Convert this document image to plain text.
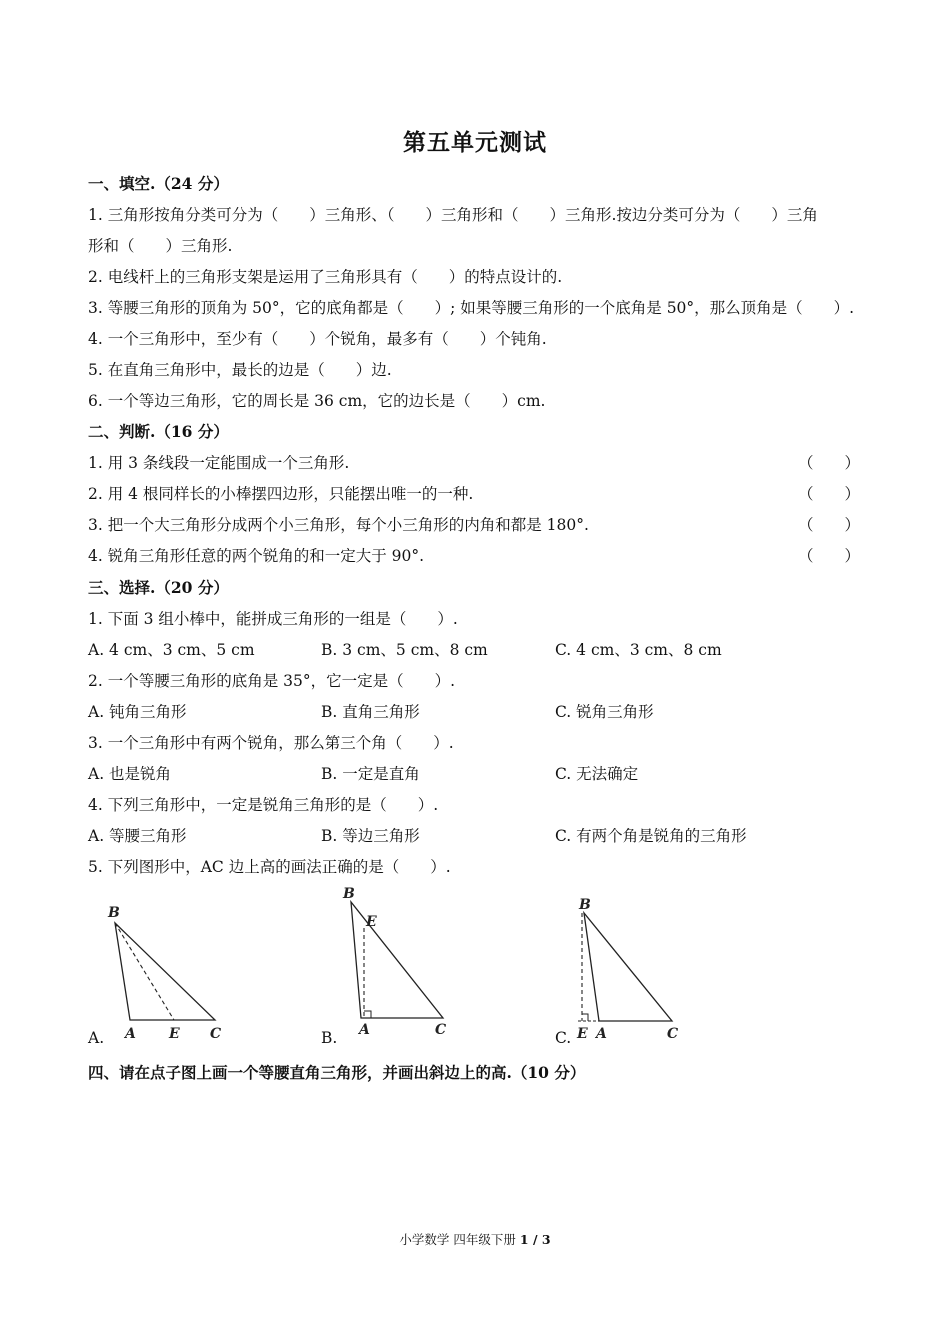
第五单元测试
一、填空.（24 分）
1. 三角形按角分类可分为（　　）三角形、（　　）三角形和（　　）三角形.按边分类可分为（　　）三角
形和（　　）三角形.
2. 电线杆上的三角形支架是运用了三角形具有（　　）的特点设计的.
3. 等腰三角形的顶角为 50°，它的底角都是（　　）; 如果等腰三角形的一个底角是 50°，那么顶角是（　　）.
4. 一个三角形中，至少有（　　）个锐角，最多有（　　）个钝角.
5. 在直角三角形中，最长的边是（　　）边.
6. 一个等边三角形，它的周长是 36 cm，它的边长是（　　）cm.
二、判断.（16 分）
1. 用 3 条线段一定能围成一个三角形.	（　　）
2. 用 4 根同样长的小棒摆四边形，只能摆出唯一的一种.	（　　）
3. 把一个大三角形分成两个小三角形，每个小三角形的内角和都是 180°.	（　　）
4. 锐角三角形任意的两个锐角的和一定大于 90°.	（　　）
三、选择.（20 分）
1. 下面 3 组小棒中，能拼成三角形的一组是（　　）.
A. 4 cm、3 cm、5 cm	B. 3 cm、5 cm、8 cm	C. 4 cm、3 cm、8 cm
2. 一个等腰三角形的底角是 35°，它一定是（　　）.
A. 钝角三角形	B. 直角三角形	C. 锐角三角形
3. 一个三角形中有两个锐角，那么第三个角（　　）.
A. 也是锐角	B. 一定是直角	C. 无法确定
4. 下列三角形中，一定是锐角三角形的是（　　）.
A. 等腰三角形	B. 等边三角形	C. 有两个角是锐角的三角形
5. 下列图形中，AC 边上高的画法正确的是（　　）.
A.
B
A E C	B.
B
E
A	C	C.
B
E A	C
四、请在点子图上画一个等腰直角三角形，并画出斜边上的高.（10 分）
小学数学 四年级下册 1 / 3
